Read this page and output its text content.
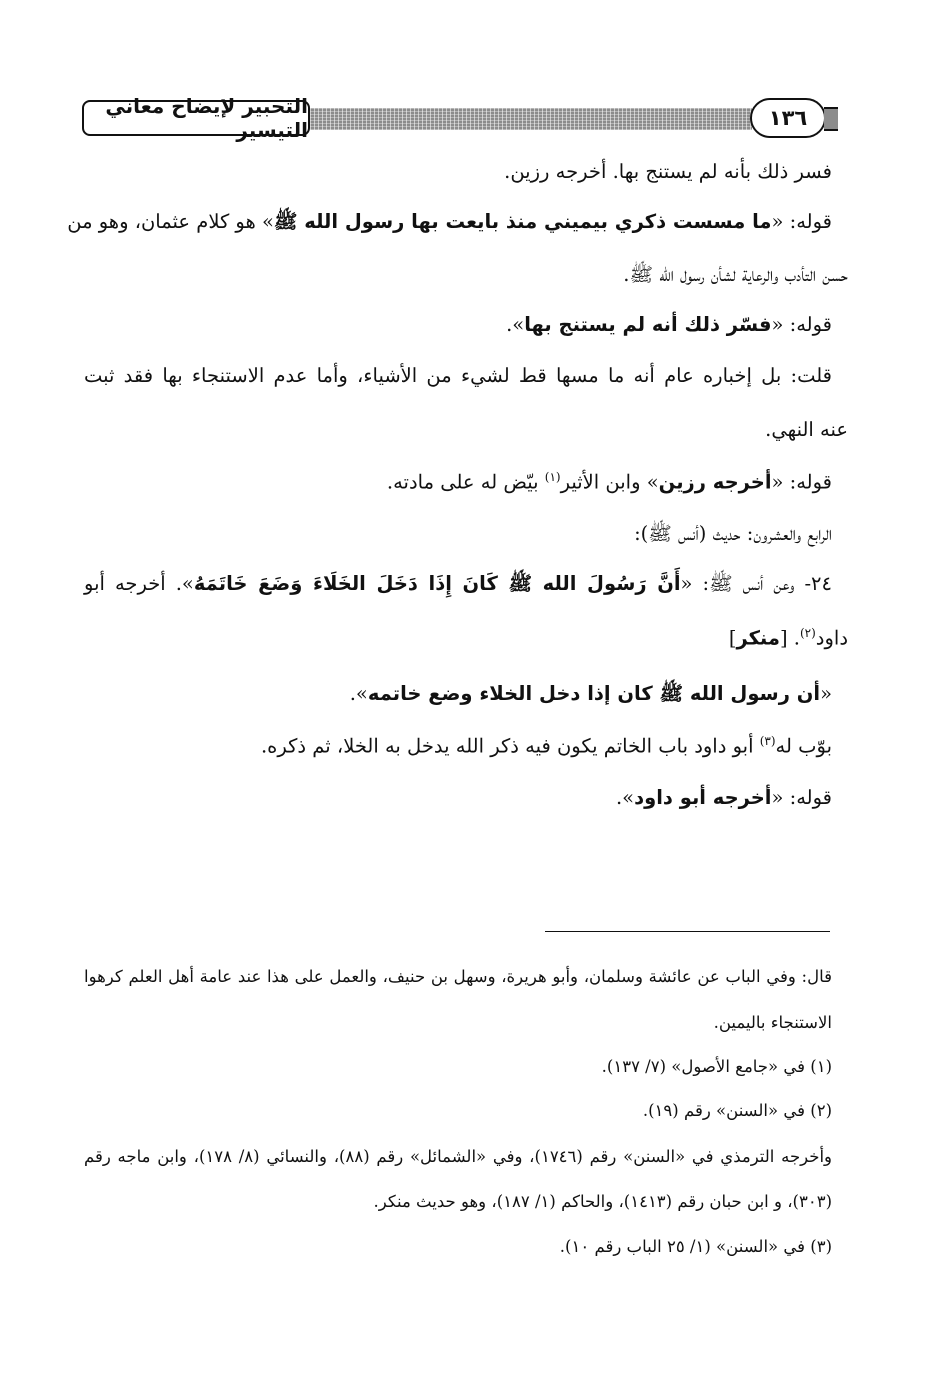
التحبير لإيضاح معاني التيسير	١٣٦
فسر ذلك بأنه لم يستنج بها. أخرجه رزين.
قوله: «ما مسست ذكري بيميني منذ بايعت بها رسول الله ﷺ» هو كلام عثمان، وهو من
حسن التأدب والرعاية لشأن رسول الله ﷺ.
قوله: «فسّر ذلك أنه لم يستنج بها».
قلت: بل إخباره عام أنه ما مسها قط لشيء من الأشياء، وأما عدم الاستنجاء بها فقد ثبت
عنه النهي.
قوله: «أخرجه رزين» وابن الأثير$^{(١)}$ بيّض له على مادته.
الرابع والعشرون: حديث (أنس ﷺ):
٢٤- وعن أنس ﷺ: «أَنَّ رَسُولَ الله ﷺ كَانَ إِذَا دَخَلَ الخَلَاءَ وَضَعَ خَاتَمَهُ». أخرجه أبو
داود$^{(٢)}$. [منكر]
«أن رسول الله ﷺ كان إذا دخل الخلاء وضع خاتمه».
بوّب له$^{(٣)}$ أبو داود باب الخاتم يكون فيه ذكر الله يدخل به الخلا، ثم ذكره.
قوله: «أخرجه أبو داود».
قال: وفي الباب عن عائشة وسلمان، وأبو هريرة، وسهل بن حنيف، والعمل على هذا عند عامة أهل العلم كرهوا
الاستنجاء باليمين.
(١) في «جامع الأصول» (٧/ ١٣٧).
(٢) في «السنن» رقم (١٩).
وأخرجه الترمذي في «السنن» رقم (١٧٤٦)، وفي «الشمائل» رقم (٨٨)، والنسائي (٨/ ١٧٨)، وابن ماجه رقم
(٣٠٣)، و ابن حبان رقم (١٤١٣)، والحاكم (١/ ١٨٧)، وهو حديث منكر.
(٣) في «السنن» (١/ ٢٥ الباب رقم ١٠).
